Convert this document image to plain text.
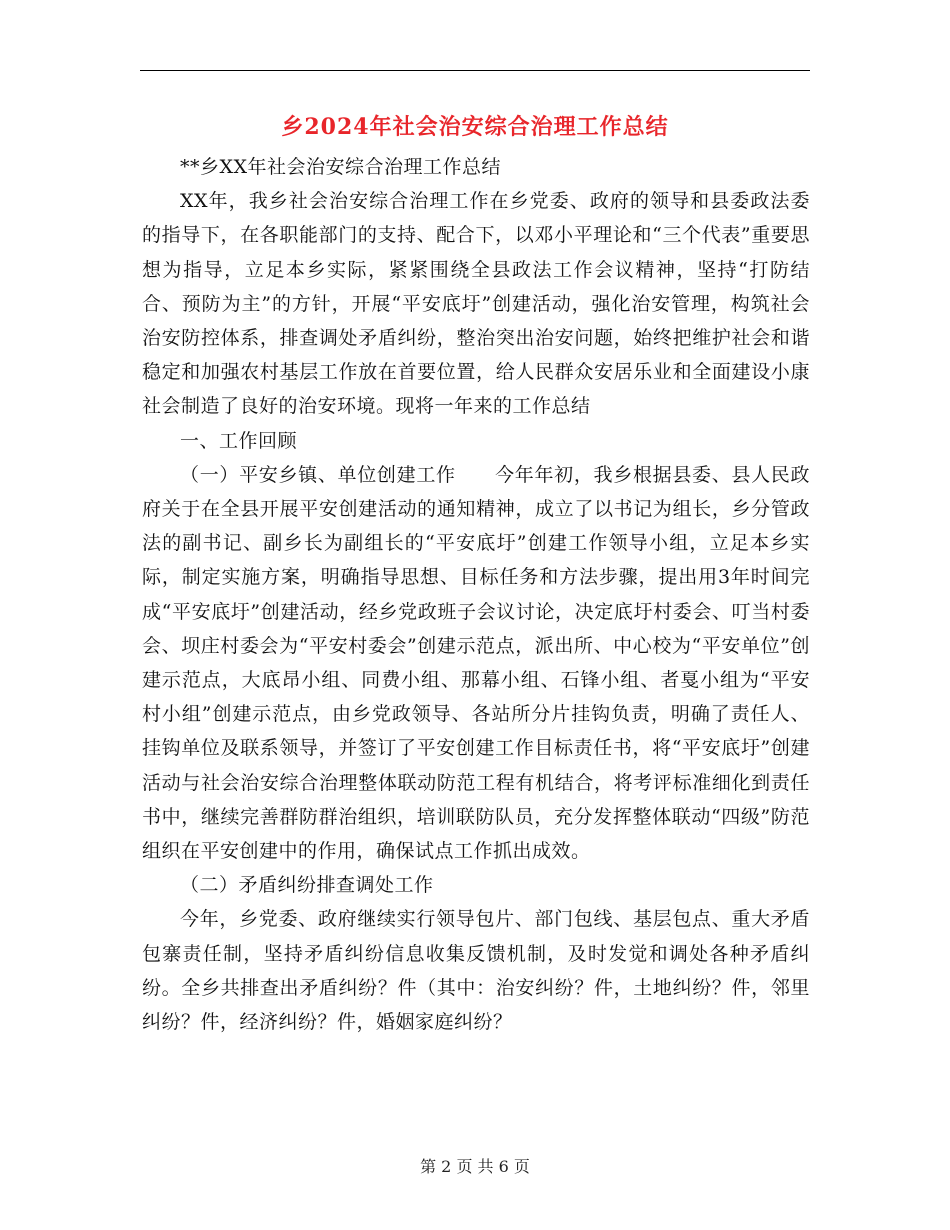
乡2024年社会治安综合治理工作总结

**乡XX年社会治安综合治理工作总结

XX年，我乡社会治安综合治理工作在乡党委、政府的领导和县委政法委的指导下，在各职能部门的支持、配合下，以邓小平理论和“三个代表”重要思想为指导，立足本乡实际，紧紧围绕全县政法工作会议精神，坚持“打防结合、预防为主”的方针，开展“平安底圩”创建活动，强化治安管理，构筑社会治安防控体系，排查调处矛盾纠纷，整治突出治安问题，始终把维护社会和谐稳定和加强农村基层工作放在首要位置，给人民群众安居乐业和全面建设小康社会制造了良好的治安环境。现将一年来的工作总结

一、工作回顾

（一）平安乡镇、单位创建工作　　今年年初，我乡根据县委、县人民政府关于在全县开展平安创建活动的通知精神，成立了以书记为组长，乡分管政法的副书记、副乡长为副组长的“平安底圩”创建工作领导小组，立足本乡实际，制定实施方案，明确指导思想、目标任务和方法步骤，提出用3年时间完成“平安底圩”创建活动，经乡党政班子会议讨论，决定底圩村委会、叮当村委会、坝庄村委会为“平安村委会”创建示范点，派出所、中心校为“平安单位”创建示范点，大底昂小组、同费小组、那幕小组、石锋小组、者戛小组为“平安村小组”创建示范点，由乡党政领导、各站所分片挂钩负责，明确了责任人、挂钩单位及联系领导，并签订了平安创建工作目标责任书，将“平安底圩”创建活动与社会治安综合治理整体联动防范工程有机结合，将考评标准细化到责任书中，继续完善群防群治组织，培训联防队员，充分发挥整体联动“四级”防范组织在平安创建中的作用，确保试点工作抓出成效。

（二）矛盾纠纷排查调处工作

今年，乡党委、政府继续实行领导包片、部门包线、基层包点、重大矛盾包寨责任制，坚持矛盾纠纷信息收集反馈机制，及时发觉和调处各种矛盾纠纷。全乡共排查出矛盾纠纷？件（其中：治安纠纷？件，土地纠纷？件，邻里纠纷？件，经济纠纷？件，婚姻家庭纠纷？

第 2 页 共 6 页
